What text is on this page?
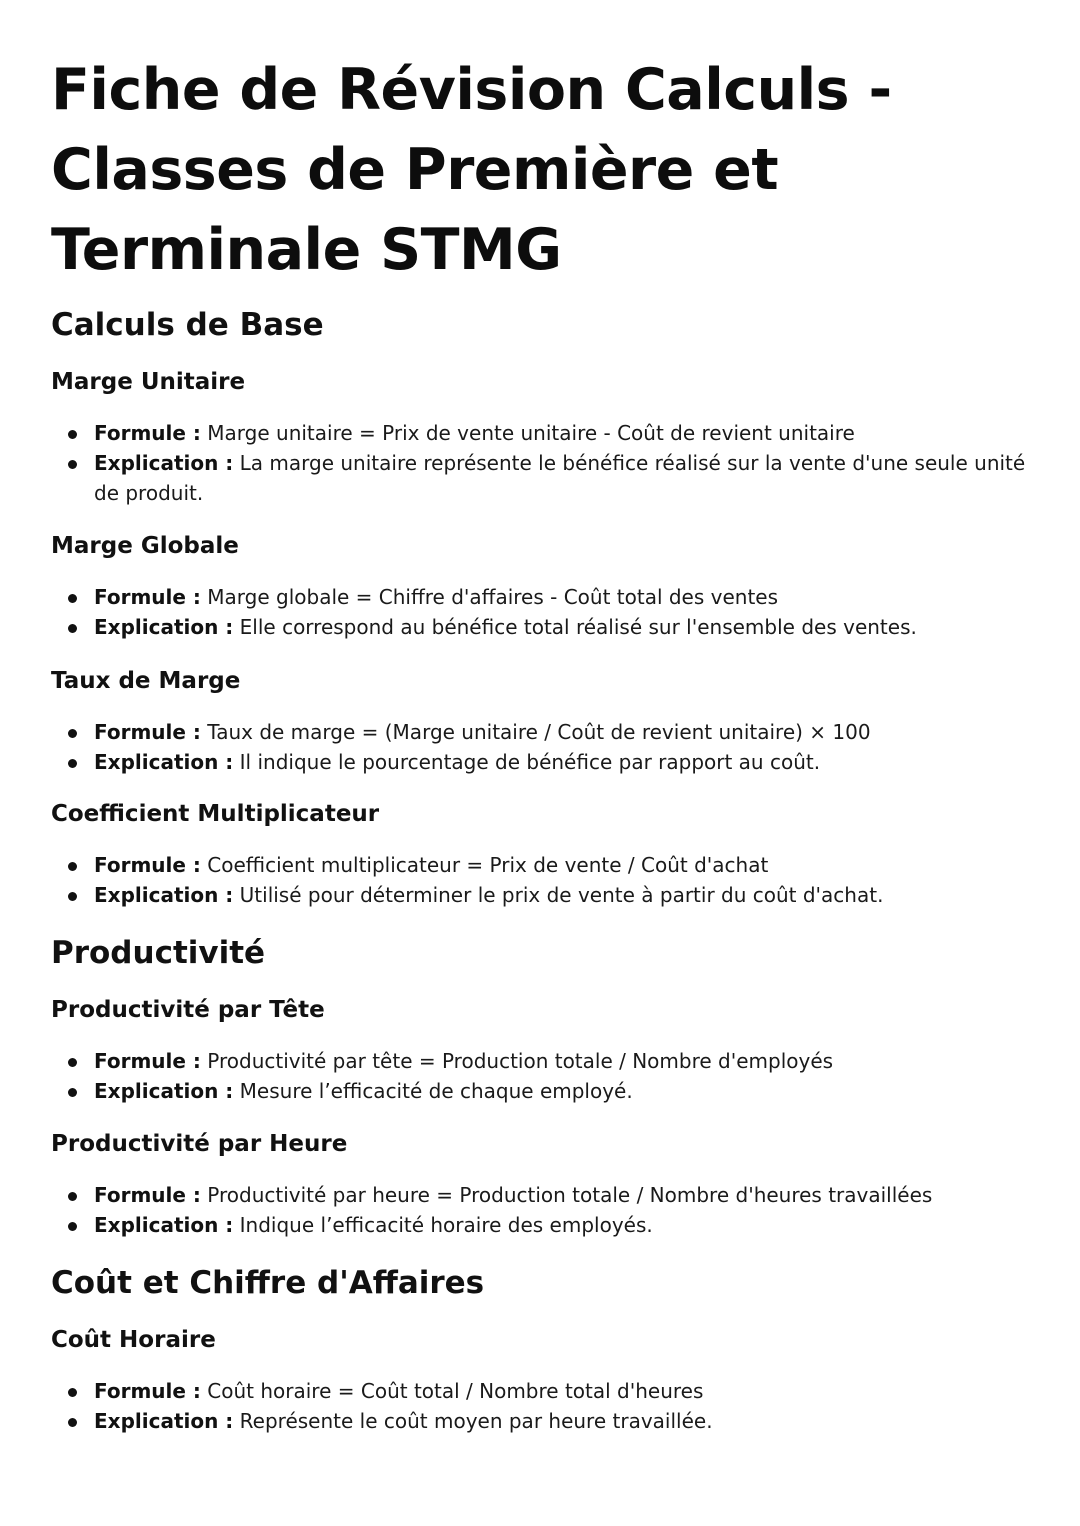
Fiche de Révision Calculs - Classes de Première et Terminale STMG
Calculs de Base
Marge Unitaire
Formule : Marge unitaire = Prix de vente unitaire - Coût de revient unitaire
Explication : La marge unitaire représente le bénéfice réalisé sur la vente d'une seule unité de produit.
Marge Globale
Formule : Marge globale = Chiffre d'affaires - Coût total des ventes
Explication : Elle correspond au bénéfice total réalisé sur l'ensemble des ventes.
Taux de Marge
Formule : Taux de marge = (Marge unitaire / Coût de revient unitaire) × 100
Explication : Il indique le pourcentage de bénéfice par rapport au coût.
Coefficient Multiplicateur
Formule : Coefficient multiplicateur = Prix de vente / Coût d'achat
Explication : Utilisé pour déterminer le prix de vente à partir du coût d'achat.
Productivité
Productivité par Tête
Formule : Productivité par tête = Production totale / Nombre d'employés
Explication : Mesure l’efficacité de chaque employé.
Productivité par Heure
Formule : Productivité par heure = Production totale / Nombre d'heures travaillées
Explication : Indique l’efficacité horaire des employés.
Coût et Chiffre d'Affaires
Coût Horaire
Formule : Coût horaire = Coût total / Nombre total d'heures
Explication : Représente le coût moyen par heure travaillée.
